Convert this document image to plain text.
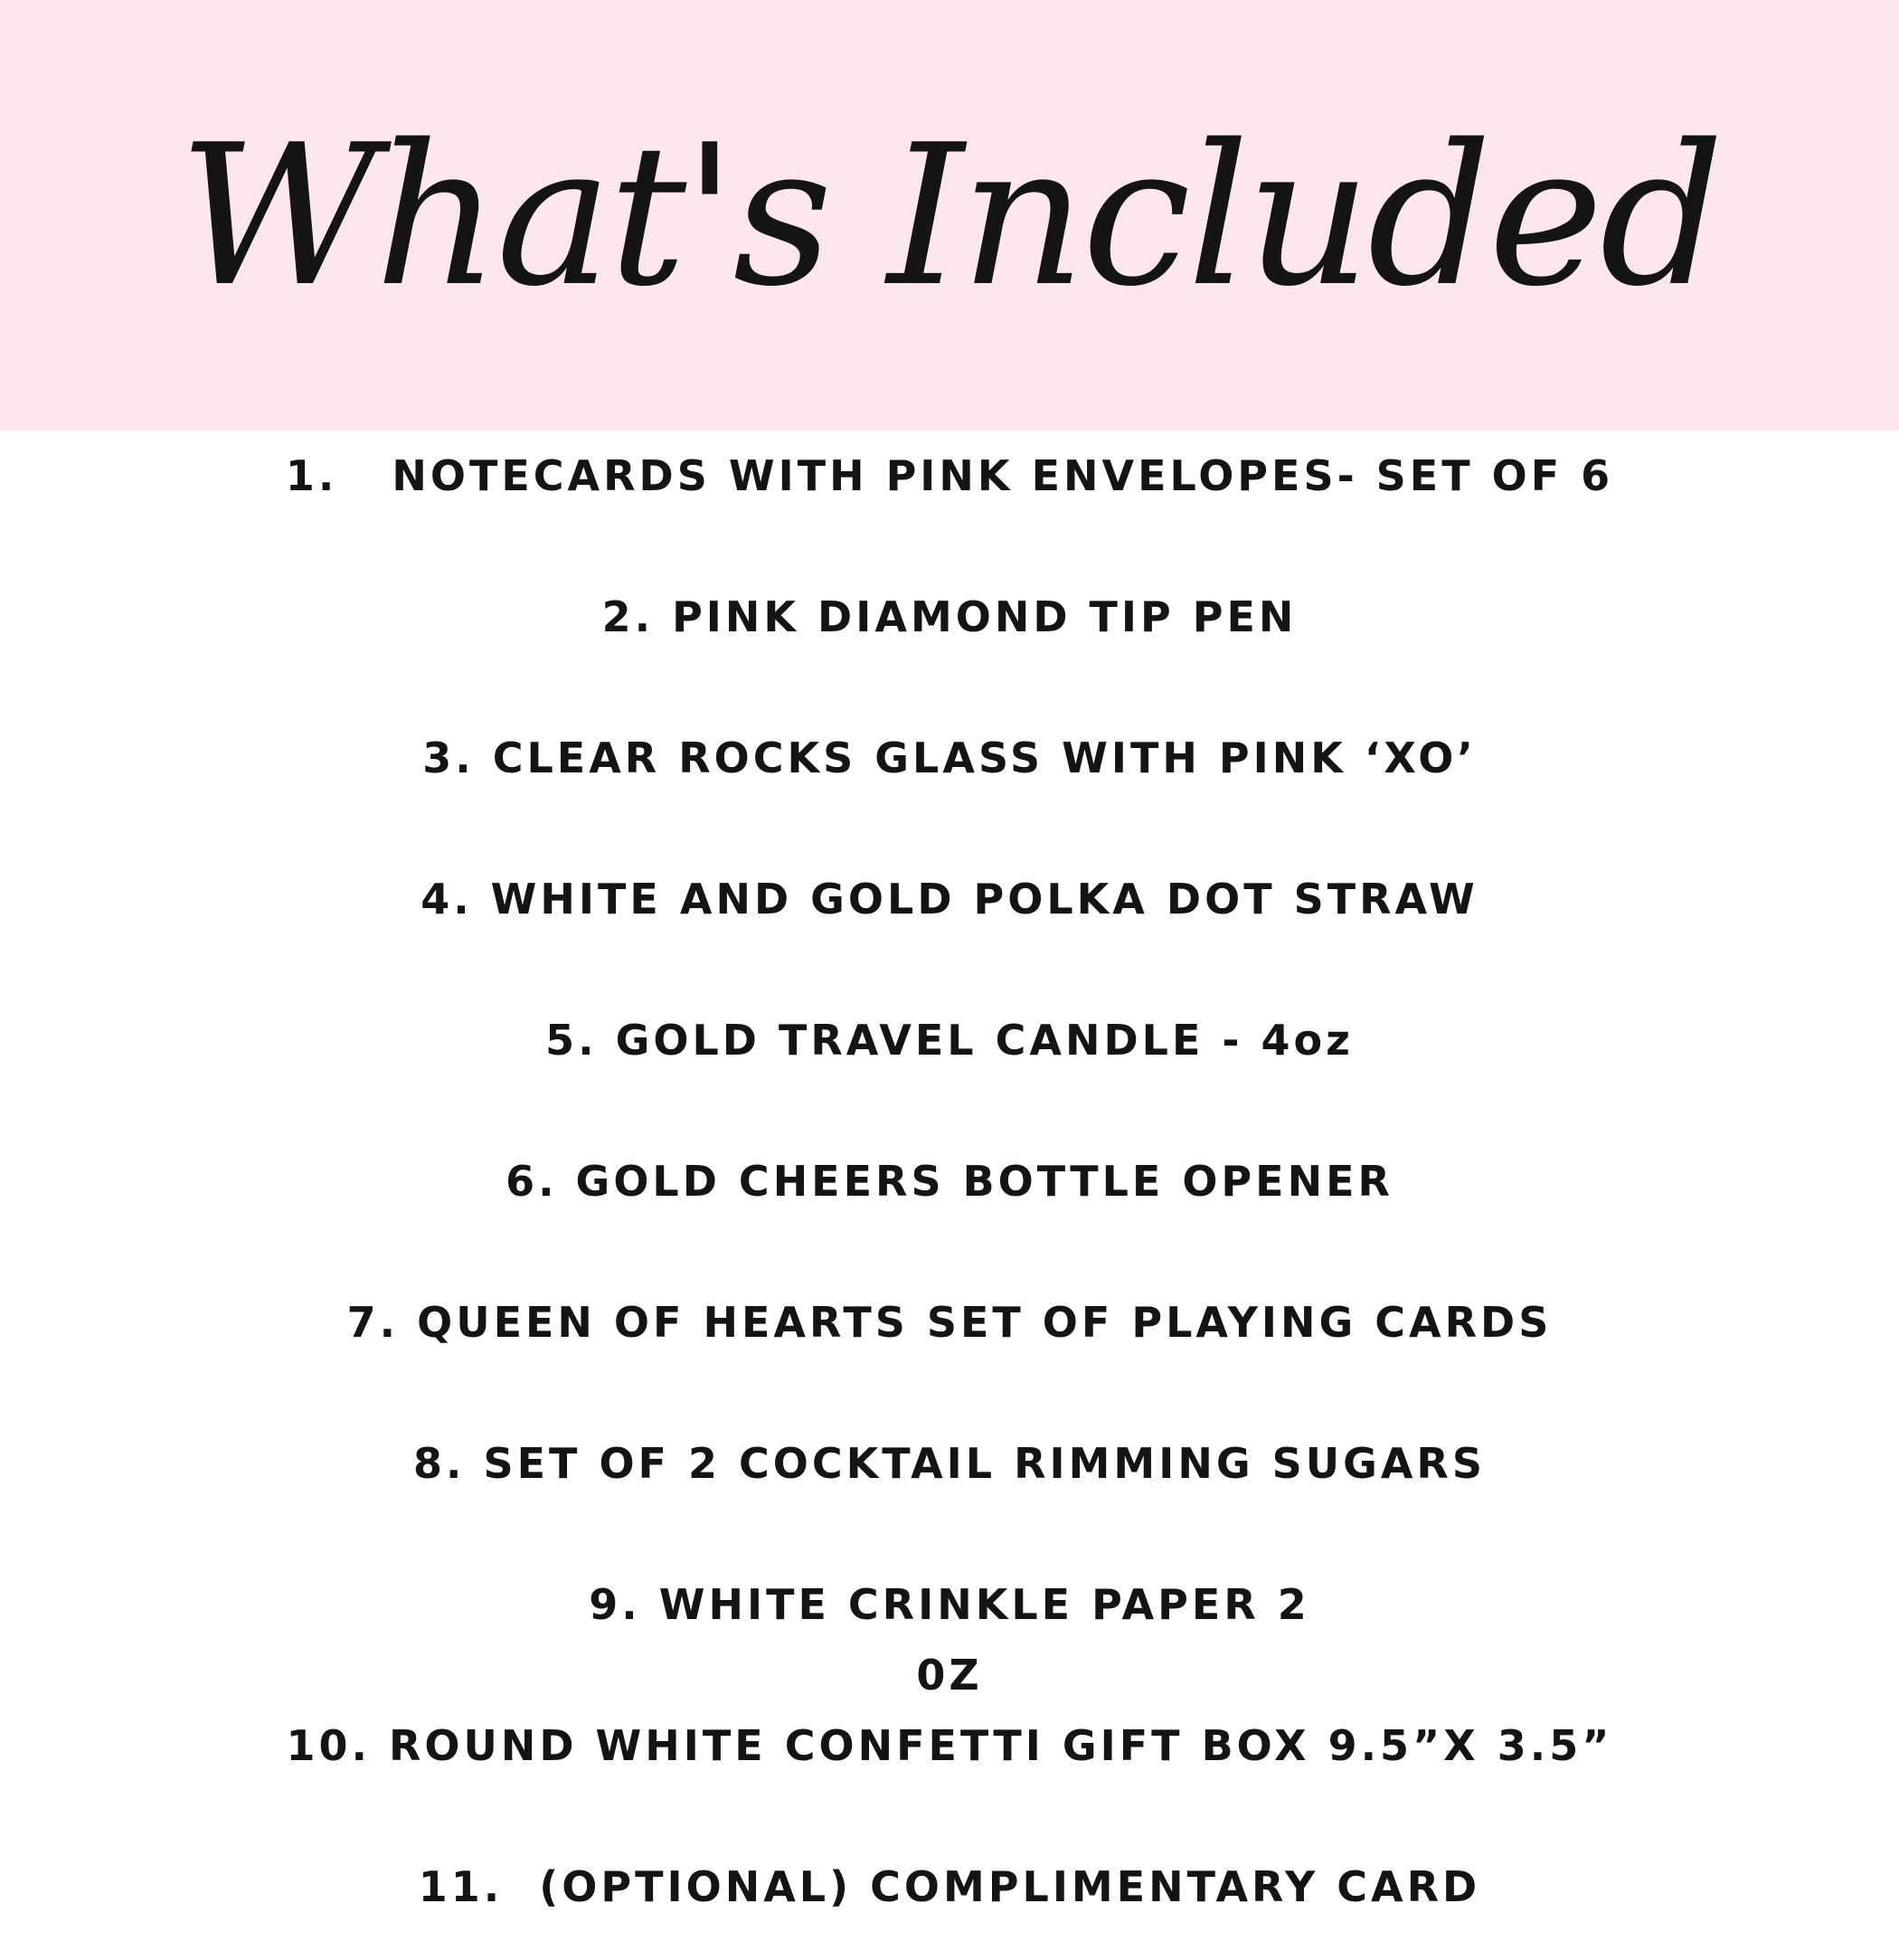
What's Included
1.   NOTECARDS WITH PINK ENVELOPES- SET OF 6
2. PINK DIAMOND TIP PEN
3. CLEAR ROCKS GLASS WITH PINK ‘XO’
4. WHITE AND GOLD POLKA DOT STRAW
5. GOLD TRAVEL CANDLE - 4oz
6. GOLD CHEERS BOTTLE OPENER
7. QUEEN OF HEARTS SET OF PLAYING CARDS
8. SET OF 2 COCKTAIL RIMMING SUGARS
9. WHITE CRINKLE PAPER 2
0Z
10. ROUND WHITE CONFETTI GIFT BOX 9.5”X 3.5”
11.  (OPTIONAL) COMPLIMENTARY CARD
